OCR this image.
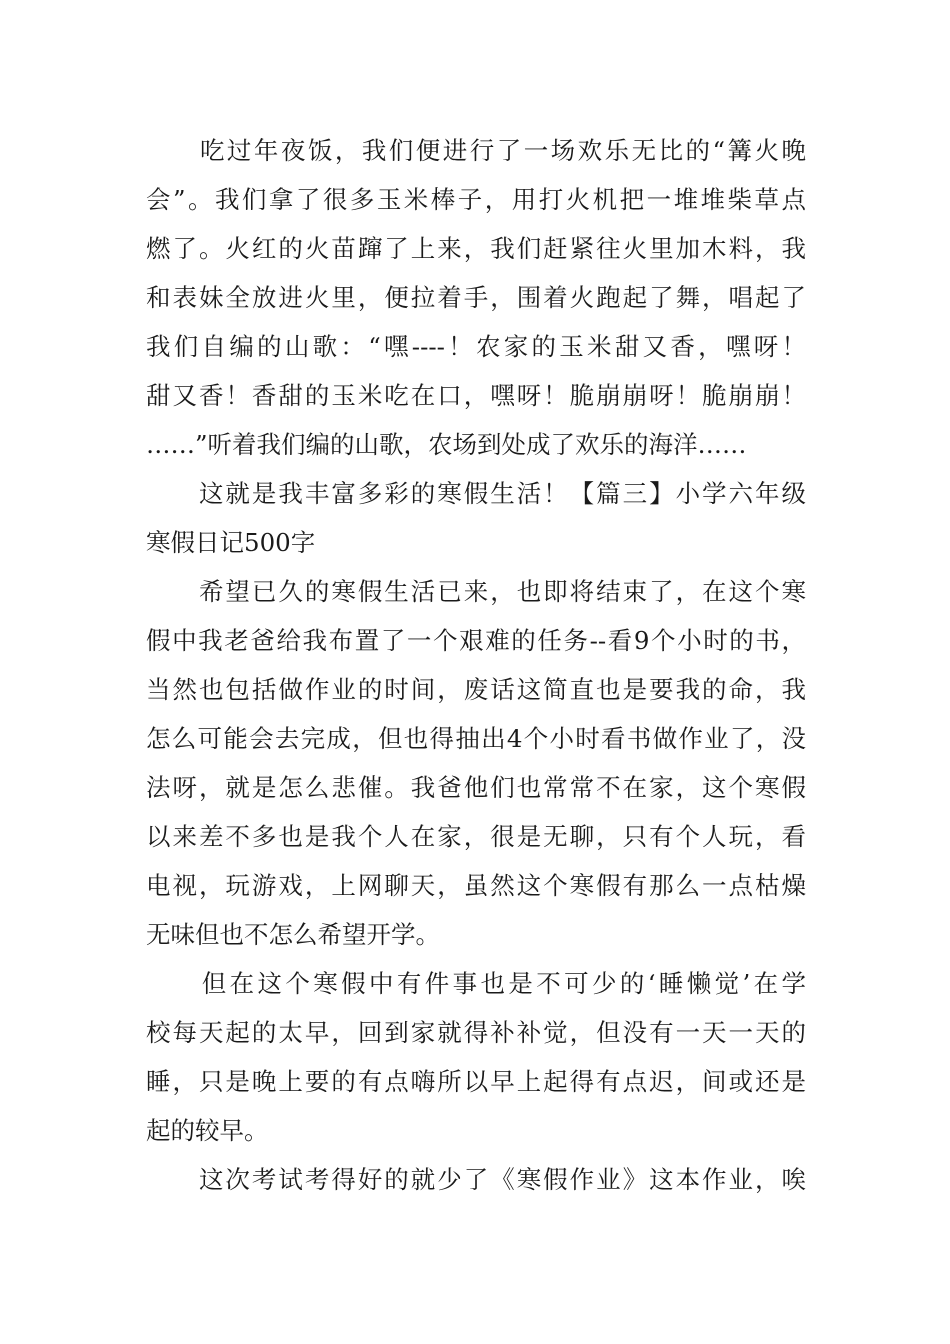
　　吃过年夜饭，我们便进行了一场欢乐无比的“篝火晚
会”。我们拿了很多玉米棒子，用打火机把一堆堆柴草点
燃了。火红的火苗蹿了上来，我们赶紧往火里加木料，我
和表妹全放进火里，便拉着手，围着火跑起了舞，唱起了
我们自编的山歌：“嘿----！农家的玉米甜又香，嘿呀！
甜又香！香甜的玉米吃在口，嘿呀！脆崩崩呀！脆崩崩！
……”听着我们编的山歌，农场到处成了欢乐的海洋……
　　这就是我丰富多彩的寒假生活！【篇三】小学六年级
寒假日记500字
　　希望已久的寒假生活已来，也即将结束了，在这个寒
假中我老爸给我布置了一个艰难的任务--看9个小时的书，
当然也包括做作业的时间，废话这简直也是要我的命，我
怎么可能会去完成，但也得抽出4个小时看书做作业了，没
法呀，就是怎么悲催。我爸他们也常常不在家，这个寒假
以来差不多也是我个人在家，很是无聊，只有个人玩，看
电视，玩游戏，上网聊天，虽然这个寒假有那么一点枯燥
无味但也不怎么希望开学。
　　但在这个寒假中有件事也是不可少的‘睡懒觉’在学
校每天起的太早，回到家就得补补觉，但没有一天一天的
睡，只是晚上要的有点嗨所以早上起得有点迟，间或还是
起的较早。
　　这次考试考得好的就少了《寒假作业》这本作业，唉
